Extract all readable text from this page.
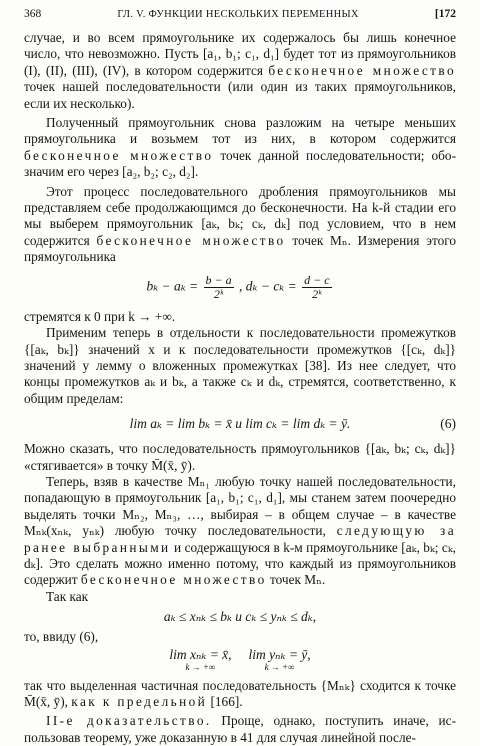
368	ГЛ. V. ФУНКЦИИ НЕСКОЛЬКИХ ПЕРЕМЕННЫХ	[172

случае, и во всем прямоугольнике их содержалось бы лишь конечное число, что невозможно. Пусть [a₁, b₁; c₁, d₁] будет тот из прямоугольников (I), (II), (III), (IV), в котором содержится бесконечное множество точек нашей последовательности (или один из таких прямоугольников, если их несколько).

Полученный прямоугольник снова разложим на четыре меньших прямоугольника и возьмем тот из них, в котором содержится бесконечное множество точек данной последовательности; обозначим его через [a₂, b₂; c₂, d₂].

Этот процесс последовательного дробления прямоугольников мы представляем себе продолжающимся до бесконечности. На k-й стадии его мы выберем прямоугольник [aₖ, bₖ; cₖ, dₖ] под условием, что в нем содержится бесконечное множество точек Mₙ. Измерения этого прямоугольника

$b_k - a_k = \frac{b - a}{\text{2ᵏ}}$ , $d_k - c_k = \frac{d - c}{\text{2ᵏ}}$

стремятся к 0 при k → +∞.

Применим теперь в отдельности к последовательности промежутков {[aₖ, bₖ]} значений x и к последовательности промежутков {[cₖ, dₖ]} значений y лемму о вложенных промежутках [38]. Из нее следует, что концы промежутков aₖ и bₖ, а также cₖ и dₖ, стремятся, соответственно, к общим пределам:

lim aₖ = lim bₖ = x̄ и lim cₖ = lim dₖ = ȳ.	(6)

Можно сказать, что последовательность прямоугольников {[aₖ, bₖ; cₖ, dₖ]} «стягивается» в точку M̄(x̄, ȳ).

Теперь, взяв в качестве Mₙ₁ любую точку нашей последовательности, попадающую в прямоугольник [a₁, b₁; c₁, d₁], мы станем затем поочередно выделять точки Mₙ₂, Mₙ₃, …, выбирая – в общем случае – в качестве Mₙₖ(xₙₖ, yₙₖ) любую точку последовательности, следующую за ранее выбранными и содержащуюся в k-м прямоугольнике [aₖ, bₖ; cₖ, dₖ]. Это сделать можно именно потому, что каждый из прямоугольников содержит бесконечное множество точек Mₙ.

Так как

aₖ ≤ xₙₖ ≤ bₖ и cₖ ≤ yₙₖ ≤ dₖ,

то, ввиду (6),

lim xₙₖ = x̄,
k → +∞
lim yₙₖ = ȳ,
k → +∞

так что выделенная частичная последовательность {Mₙₖ} сходится к точке M̄(x̄, ȳ), как к предельной [166].

II-е доказательство. Проще, однако, поступить иначе, использовав теорему, уже доказанную в 41 для случая линейной после-
